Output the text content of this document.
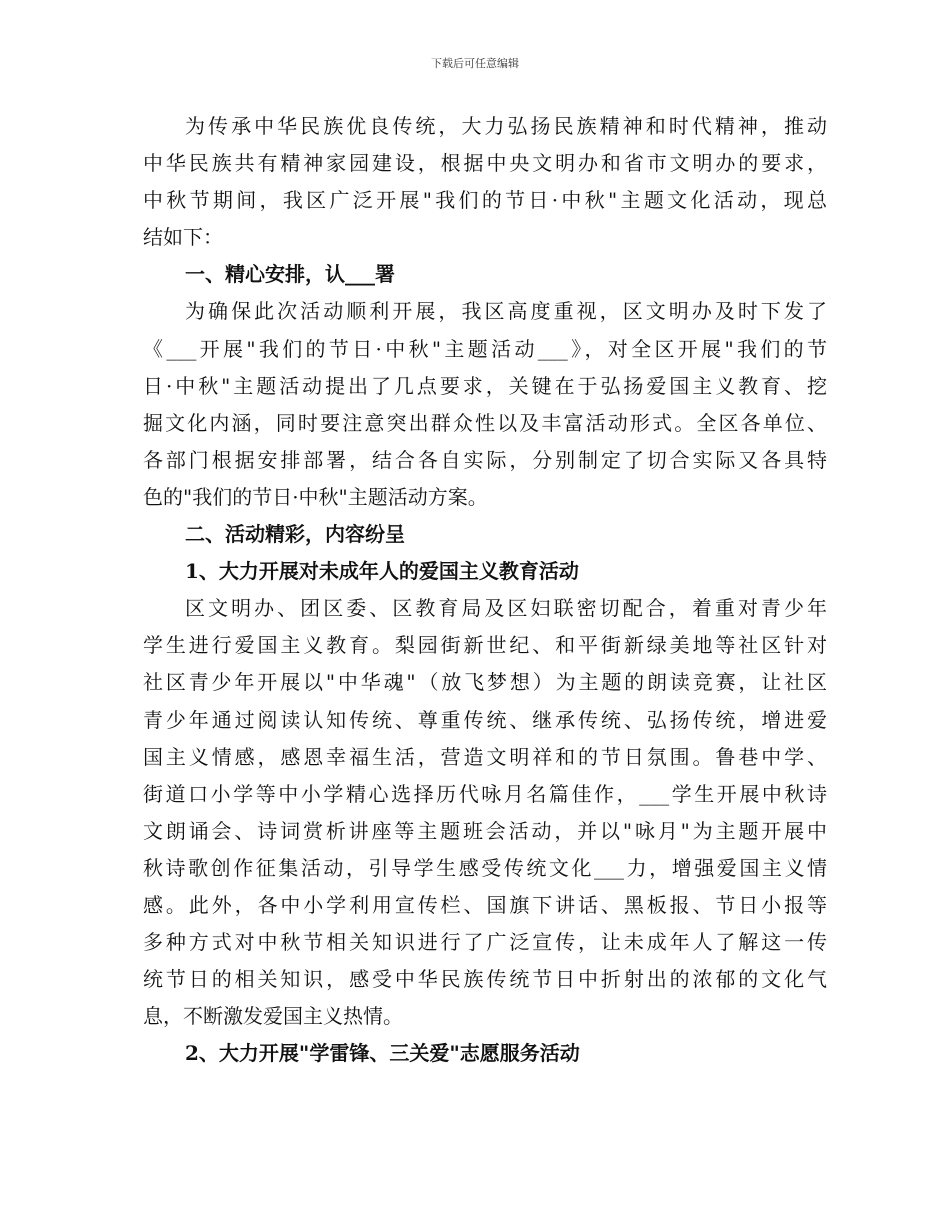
下载后可任意编辑
为传承中华民族优良传统，大力弘扬民族精神和时代精神，推动
中华民族共有精神家园建设，根据中央文明办和省市文明办的要求，
中秋节期间，我区广泛开展"我们的节日·中秋"主题文化活动，现总
结如下：
一、精心安排，认___署
为确保此次活动顺利开展，我区高度重视，区文明办及时下发了
《___开展"我们的节日·中秋"主题活动___》，对全区开展"我们的节
日·中秋"主题活动提出了几点要求，关键在于弘扬爱国主义教育、挖
掘文化内涵，同时要注意突出群众性以及丰富活动形式。全区各单位、
各部门根据安排部署，结合各自实际，分别制定了切合实际又各具特
色的"我们的节日·中秋"主题活动方案。
二、活动精彩，内容纷呈
1、大力开展对未成年人的爱国主义教育活动
区文明办、团区委、区教育局及区妇联密切配合，着重对青少年
学生进行爱国主义教育。梨园街新世纪、和平街新绿美地等社区针对
社区青少年开展以"中华魂"（放飞梦想）为主题的朗读竞赛，让社区
青少年通过阅读认知传统、尊重传统、继承传统、弘扬传统，增进爱
国主义情感，感恩幸福生活，营造文明祥和的节日氛围。鲁巷中学、
街道口小学等中小学精心选择历代咏月名篇佳作，___学生开展中秋诗
文朗诵会、诗词赏析讲座等主题班会活动，并以"咏月"为主题开展中
秋诗歌创作征集活动，引导学生感受传统文化___力，增强爱国主义情
感。此外，各中小学利用宣传栏、国旗下讲话、黑板报、节日小报等
多种方式对中秋节相关知识进行了广泛宣传，让未成年人了解这一传
统节日的相关知识，感受中华民族传统节日中折射出的浓郁的文化气
息，不断激发爱国主义热情。
2、大力开展"学雷锋、三关爱"志愿服务活动
